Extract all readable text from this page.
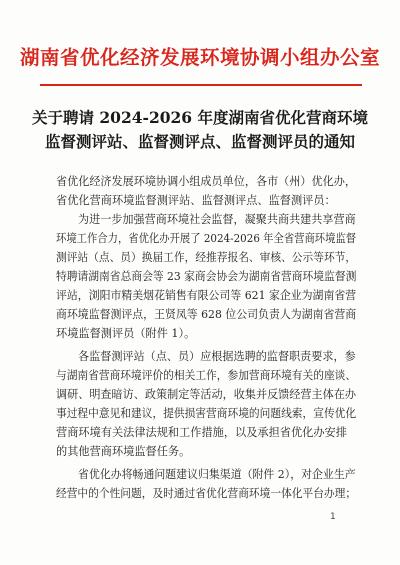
湖南省优化经济发展环境协调小组办公室
关于聘请 2024-2026 年度湖南省优化营商环境
监督测评站、监督测评点、监督测评员的通知
省优化经济发展环境协调小组成员单位，各市（州）优化办，
省优化营商环境监督测评站、监督测评点、监督测评员：
为进一步加强营商环境社会监督，凝聚共商共建共享营商
环境工作合力，省优化办开展了 2024-2026 年全省营商环境监督
测评站（点、员）换届工作，经推荐报名、审核、公示等环节，
特聘请湖南省总商会等 23 家商会协会为湖南省营商环境监督测
评站，浏阳市精美烟花销售有限公司等 621 家企业为湖南省营
商环境监督测评点，王贤凤等 628 位公司负责人为湖南省营商
环境监督测评员（附件 1）。
各监督测评站（点、员）应根据选聘的监督职责要求，参
与湖南省营商环境评价的相关工作，参加营商环境有关的座谈、
调研、明查暗访、政策制定等活动，收集并反馈经营主体在办
事过程中意见和建议，提供损害营商环境的问题线索，宣传优化
营商环境有关法律法规和工作措施，以及承担省优化办安排
的其他营商环境监督任务。
省优化办将畅通问题建议归集渠道（附件 2），对企业生产
经营中的个性问题，及时通过省优化营商环境一体化平台办理；
1
